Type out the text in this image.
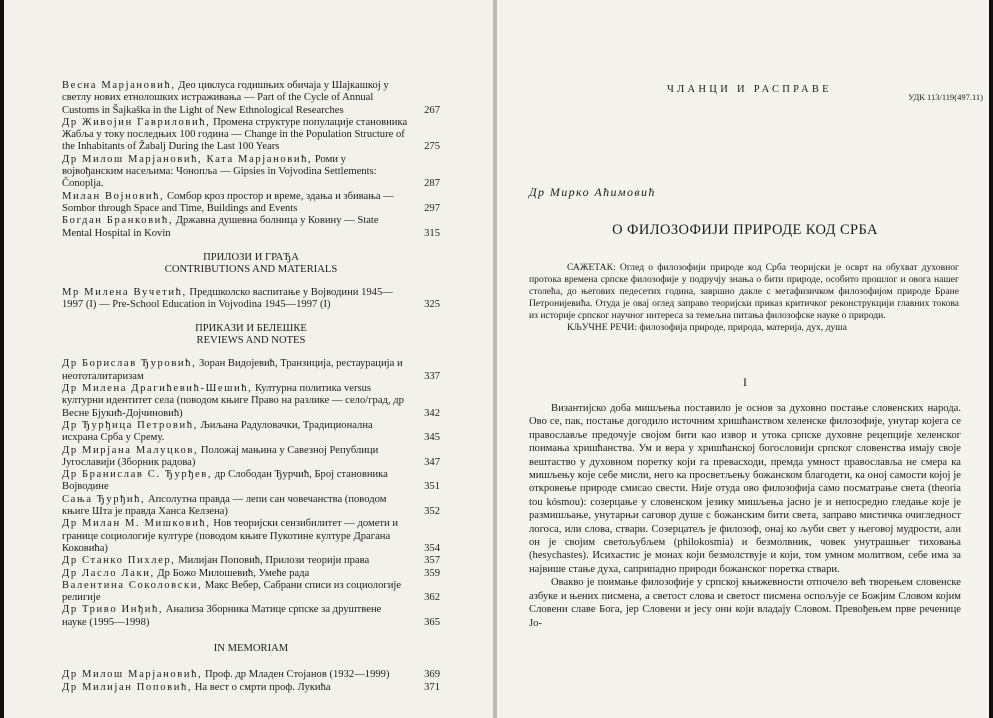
Весна Марјановић, Део циклуса годишњих обичаја у Шајкашкој у светлу нових етнолошких истраживања — Part of the Cycle of Annual Customs in Šajkaška in the Light of New Ethnological Researches	267
Др Живојин Гавриловић, Промена структуре популације становника Жабља у току последњих 100 година — Change in the Population Structure of the Inhabitants of Žabalj During the Last 100 Years	275
Др Милош Марјановић, Ката Марјановић, Роми у војвођанским насељима: Чонопља — Gipsies in Vojvodina Settlements: Čonoplja.	287
Милан Војновић, Сомбор кроз простор и време, здања и збивања — Sombor through Space and Time, Buildings and Events	297
Богдан Бранковић, Државна душевна болница у Ковину — State Mental Hospital in Kovin	315
ПРИЛОЗИ И ГРАЂА
CONTRIBUTIONS AND MATERIALS
Мр Милена Вучетић, Предшколско васпитање у Војводини 1945—1997 (I) — Pre-School Education in Vojvodina 1945—1997 (I)	325
ПРИКАЗИ И БЕЛЕШКЕ
REVIEWS AND NOTES
Др Борислав Ђуровић, Зоран Видојевић, Транзиција, рестаурација и неототалитаризам	337
Др Милена Драгићевић-Шешић, Културна политика versus културни идентитет села (поводом књиге Право на разлике — село/град, др Весне Бјукић-Дојчиновић)	342
Др Ђурђица Петровић, Љиљана Радуловачки, Традиционална исхрана Срба у Срему.	345
Др Мирјана Малуцков, Положај мањина у Савезној Републици Југославији (Зборник радова)	347
Др Бранислав С. Ђурђев, др Слободан Ђурчић, Број становника Војводине	351
Сања Ђурђић, Апсолутна правда — лепи сан човечанства (поводом књиге Шта је правда Ханса Келзена)	352
Др Милан М. Мишковић, Нов теоријски сензибилитет — домети и границе социологије културе (поводом књиге Пукотине културе Драгана Коковића)	354
Др Станко Пихлер, Милијан Поповић, Прилози теорији права	357
Др Ласло Лаки, Др Божо Милошевић, Умеће рада	359
Валентина Соколовски, Макс Вебер, Сабрани списи из социологије религије	362
Др Триво Инђић, Анализа Зборника Матице српске за друштвене науке (1995—1998)	365
IN MEMORIAM
Др Милош Марјановић, Проф. др Младен Стојанов (1932—1999)	369
Др Милијан Поповић, На вест о смрти проф. Лукића	371
ЧЛАНЦИ И РАСПРАВЕ
УДК 113/119(497.11)
Др Мирко Аћимовић
О ФИЛОЗОФИЈИ ПРИРОДЕ КОД СРБА

САЖЕТАК: Оглед о филозофији природе код Срба теоријски је осврт на обухват духовног протока времена српске филозофије у подручју знања о бити природе, особито прошлог и овога нашег столећа, до његових педесетих година, завршно дакле с метафизичком филозофијом природе Бране Петронијевића. Отуда је овај оглед заправо теоријски приказ критичког реконструкцији главних токова из историје српског научног интереса за темељна питања филозофске науке о природи.

КЉУЧНЕ РЕЧИ: филозофија природе, природа, материја, дух, душа

I

Византијско доба мишљења поставило је основ за духовно постање словенских народа. Ово се, пак, постање догодило источним хришћанством хеленске филозофије, унутар којега се православље предочује својом бити као извор и утока српске духовне рецепције хеленског поимања хришћанства. Ум и вера у хришћанској богословији српског словенства имају своје вештаство у духовном поретку који га превасходи, премда умност православља не смера ка мишљењу које себе мисли, него ка просветљењу божанском благодети, ка оној самости којој је откровење природе смисао свести. Није отуда ово филозофија само посматрање света (theoria tou kósmou): созерцање у словенском језику мишљења јасно је и непосредно гледање које је размишљање, унутарњи саговор душе с божанским бити света, заправо мистичка очигледност логоса, или слова, ствари. Созерцатељ је филозоф, онај ко љуби свет у његовој мудрости, али он је својим светољубљем (philokosmia) и безмолвник, човек унутрашњег тиховања (hesychastes). Исихастис је монах који безмолствује и који, том умном молитвом, себе има за највише стање духа, саприпадно природи божанског поретка ствари.

Овакво је поимање филозофије у српској књижевности отпочело већ творењем словенске азбуке и њених писмена, а светост слова и светост писмена оспољује се Божјим Словом којим Словени славе Бога, јер Словени и јесу они који владају Словом. Превођењем прве реченице Јо-
